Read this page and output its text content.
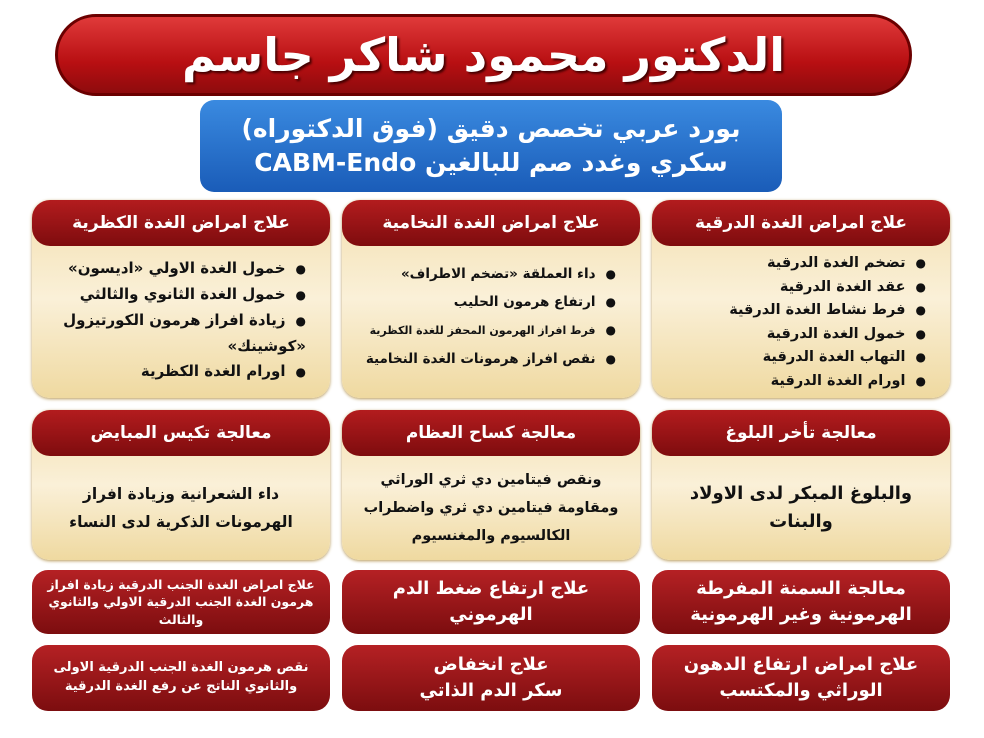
الدكتور محمود شاكر جاسم
بورد عربي تخصص دقيق (فوق الدكتوراه)
سكري وغدد صم للبالغين CABM-Endo
علاج امراض الغدة الدرقية
● تضخم الغدة الدرقية
● عقد الغدة الدرقية
● فرط نشاط الغدة الدرقية
● خمول الغدة الدرقية
● التهاب الغدة الدرقية
● اورام الغدة الدرقية
علاج امراض الغدة النخامية
● داء العملقة «تضخم الاطراف»
● ارتفاع هرمون الحليب
● فرط افراز الهرمون المحفز للغدة الكظرية
● نقص افراز هرمونات الغدة النخامية
علاج امراض الغدة الكظرية
● خمول الغدة الاولي «اديسون»
● خمول الغدة الثانوي والثالثي
● زيادة افراز هرمون الكورتيزول «كوشينك»
● اورام الغدة الكظرية
معالجة تأخر البلوغ
والبلوغ المبكر لدى الاولاد والبنات
معالجة كساح العظام
ونقص فيتامين دي ثري الوراثي ومقاومة فيتامين دي ثري واضطراب الكالسيوم والمغنسيوم
معالجة تكيس المبايض
داء الشعرانية وزيادة افراز الهرمونات الذكرية لدى النساء
معالجة السمنة المفرطة الهرمونية وغير الهرمونية
علاج ارتفاع ضغط الدم الهرموني
علاج امراض الغدة الجنب الدرقية زيادة افراز هرمون الغدة الجنب الدرقية الاولي والثانوي والثالث
علاج امراض ارتفاع الدهون الوراثي والمكتسب
علاج انخفاض سكر الدم الذاتي
نقص هرمون الغدة الجنب الدرقية الاولى والثانوي الناتج عن رفع الغدة الدرقية
